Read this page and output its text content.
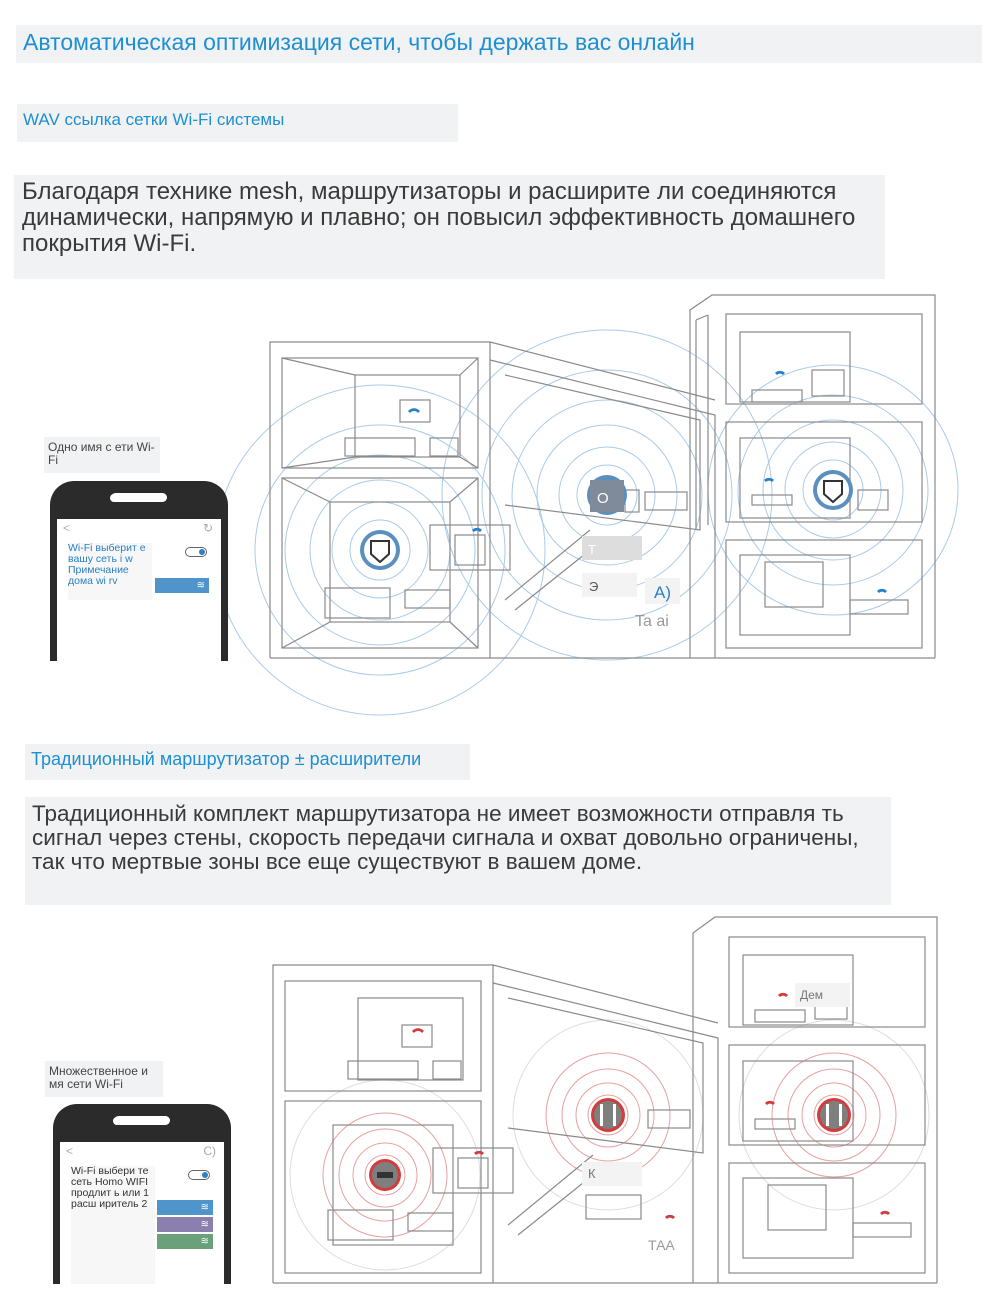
Автоматическая оптимизация сети, чтобы держать вас онлайн
WAV ссылка сетки Wi-Fi системы
Благодаря технике mesh, маршрутизаторы и расширите ли соединяются динамически, напрямую и плавно; он повысил эффективность домашнего покрытия Wi-Fi.
О
Т
Э	A)
Ta ai
Одно имя с ети Wi-Fi
<	↻
Wi-Fi выберит е вашу сеть i w Примечание дома wi rv	≋
Традиционный маршрутизатор ± расширители
Традиционный комплект маршрутизатора не имеет возможности отправля ть сигнал через стены, скорость передачи сигнала и охват довольно ограничены, так что мертвые зоны все еще существуют в вашем доме.
Дем
К
ТАА
Множественное и мя сети Wi-Fi
<	C)
Wi-Fi выбери те сеть Homo WIFI продлит ь или 1 расш иритель 2	≋
≋
≋
